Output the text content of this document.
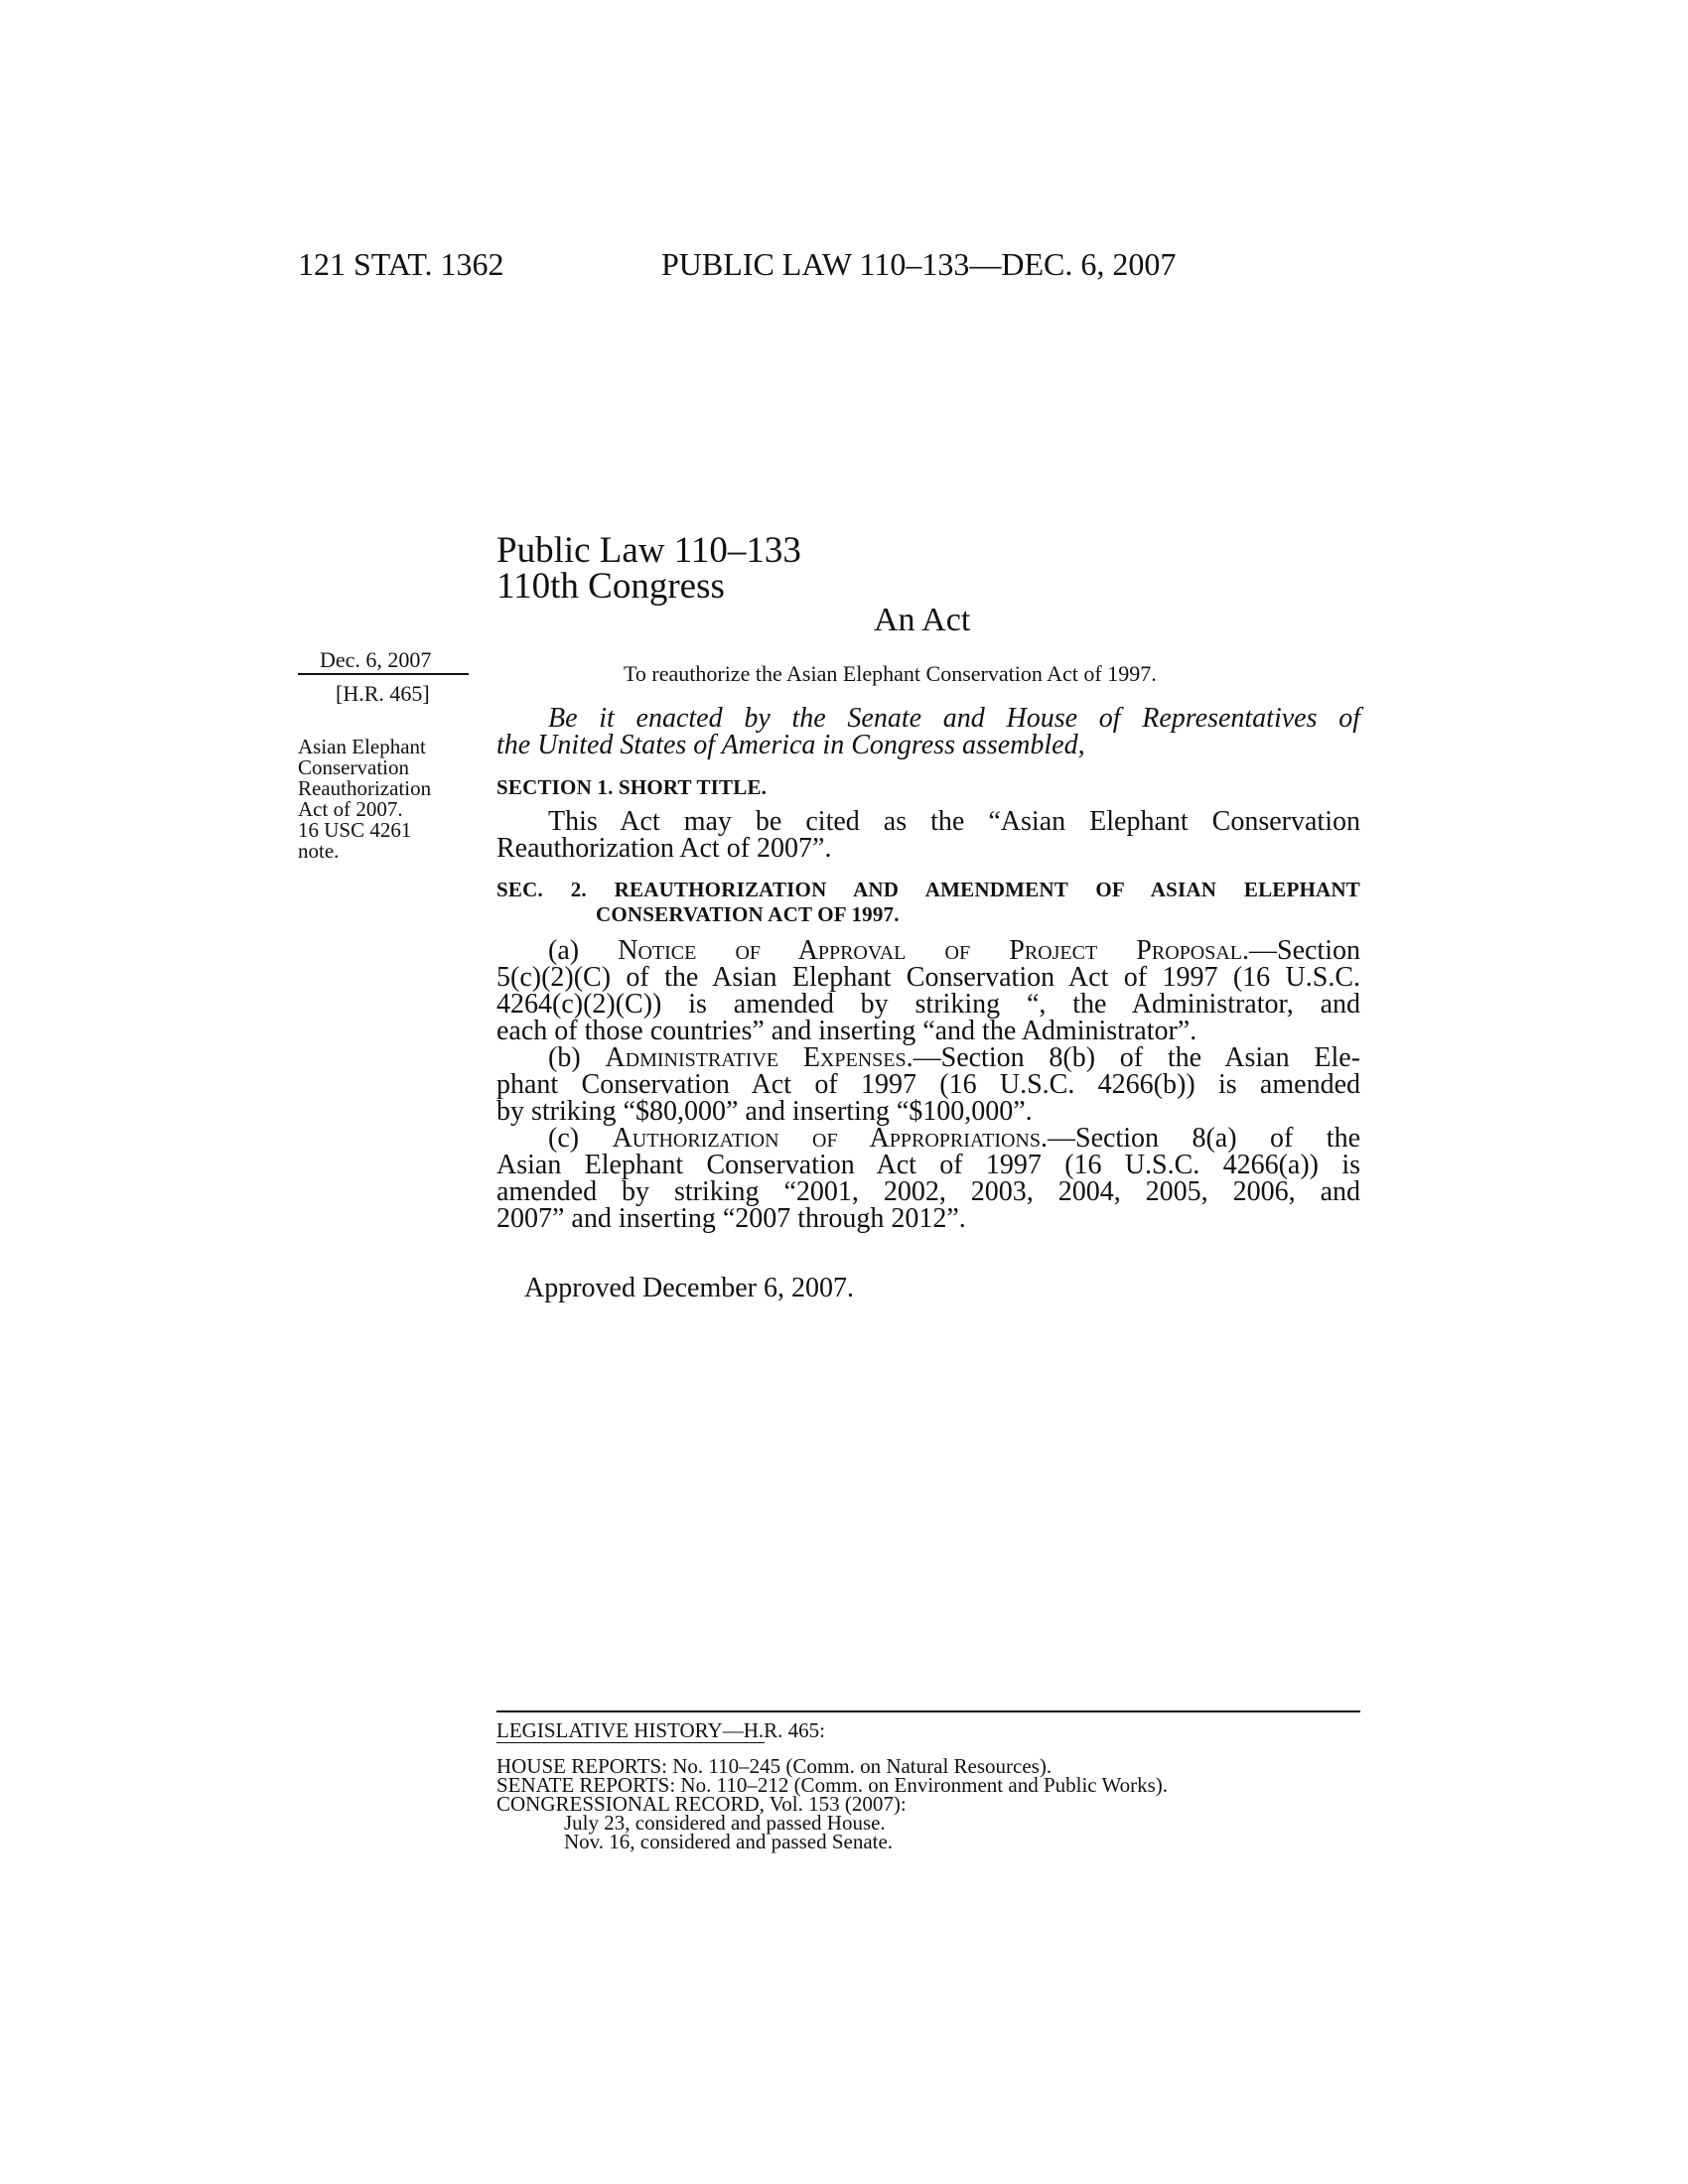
121 STAT. 1362	PUBLIC LAW 110–133—DEC. 6, 2007
Public Law 110–133
110th Congress
An Act
To reauthorize the Asian Elephant Conservation Act of 1997.
Dec. 6, 2007
[H.R. 465]
Asian Elephant
Conservation
Reauthorization
Act of 2007.
16 USC 4261
note.
Be it enacted by the Senate and House of Representatives of
the United States of America in Congress assembled,
SECTION 1. SHORT TITLE.
This Act may be cited as the “Asian Elephant Conservation
Reauthorization Act of 2007”.
SEC. 2. REAUTHORIZATION AND AMENDMENT OF ASIAN ELEPHANT
CONSERVATION ACT OF 1997.
(a) Notice of Approval of Project Proposal.—Section
5(c)(2)(C) of the Asian Elephant Conservation Act of 1997 (16 U.S.C.
4264(c)(2)(C)) is amended by striking “, the Administrator, and
each of those countries” and inserting “and the Administrator”.
(b) Administrative Expenses.—Section 8(b) of the Asian Ele-
phant Conservation Act of 1997 (16 U.S.C. 4266(b)) is amended
by striking “$80,000” and inserting “$100,000”.
(c) Authorization of Appropriations.—Section 8(a) of the
Asian Elephant Conservation Act of 1997 (16 U.S.C. 4266(a)) is
amended by striking “2001, 2002, 2003, 2004, 2005, 2006, and
2007” and inserting “2007 through 2012”.
Approved December 6, 2007.
LEGISLATIVE HISTORY—H.R. 465:
HOUSE REPORTS: No. 110–245 (Comm. on Natural Resources).
SENATE REPORTS: No. 110–212 (Comm. on Environment and Public Works).
CONGRESSIONAL RECORD, Vol. 153 (2007):
July 23, considered and passed House.
Nov. 16, considered and passed Senate.
